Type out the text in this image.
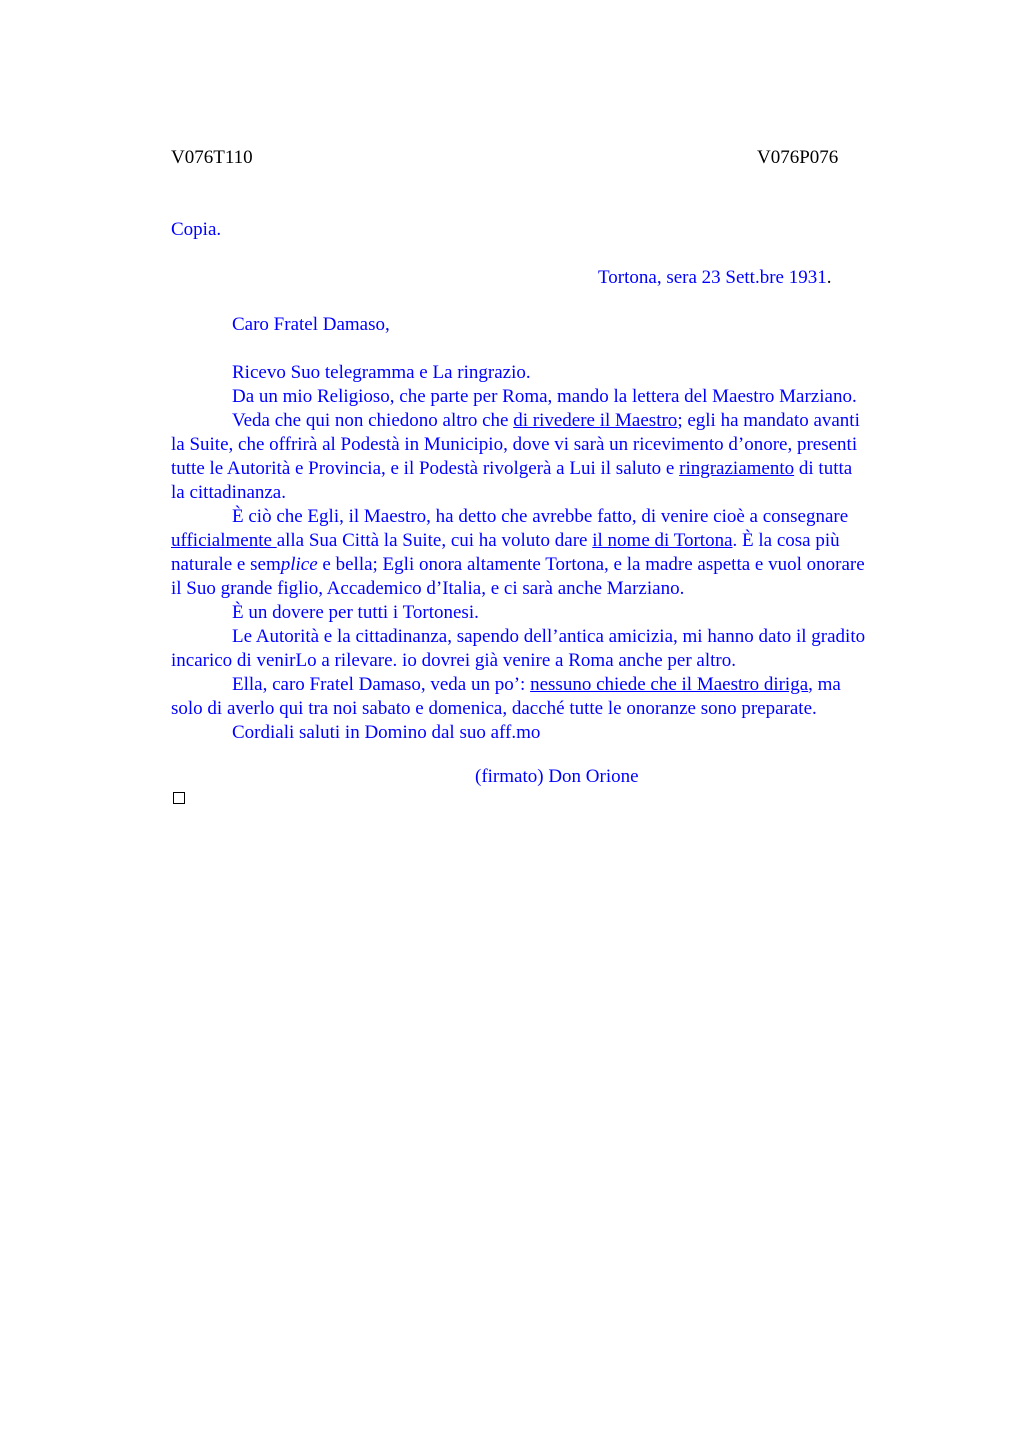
V076T110	V076P076
Copia.
Tortona, sera 23 Sett.bre 1931.
Caro Fratel Damaso,

Ricevo Suo telegramma e La ringrazio.

Da un mio Religioso, che parte per Roma, mando la lettera del Maestro Marziano.

Veda che qui non chiedono altro che di rivedere il Maestro; egli ha mandato avanti
la Suite, che offrirà al Podestà in Municipio, dove vi sarà un ricevimento d’onore, presenti
tutte le Autorità e Provincia, e il Podestà rivolgerà a Lui il saluto e ringraziamento di tutta
la cittadinanza.

È ciò che Egli, il Maestro, ha detto che avrebbe fatto, di venire cioè a consegnare
ufficialmente alla Sua Città la Suite, cui ha voluto dare il nome di Tortona. È la cosa più
naturale e semplice e bella; Egli onora altamente Tortona, e la madre aspetta e vuol onorare
il Suo grande figlio, Accademico d’Italia, e ci sarà anche Marziano.

È un dovere per tutti i Tortonesi.

Le Autorità e la cittadinanza, sapendo dell’antica amicizia, mi hanno dato il gradito
incarico di venirLo a rilevare. io dovrei già venire a Roma anche per altro.

Ella, caro Fratel Damaso, veda un po’: nessuno chiede che il Maestro diriga, ma
solo di averlo qui tra noi sabato e domenica, dacché tutte le onoranze sono preparate.

Cordiali saluti in Domino dal suo aff.mo

(firmato) Don Orione
